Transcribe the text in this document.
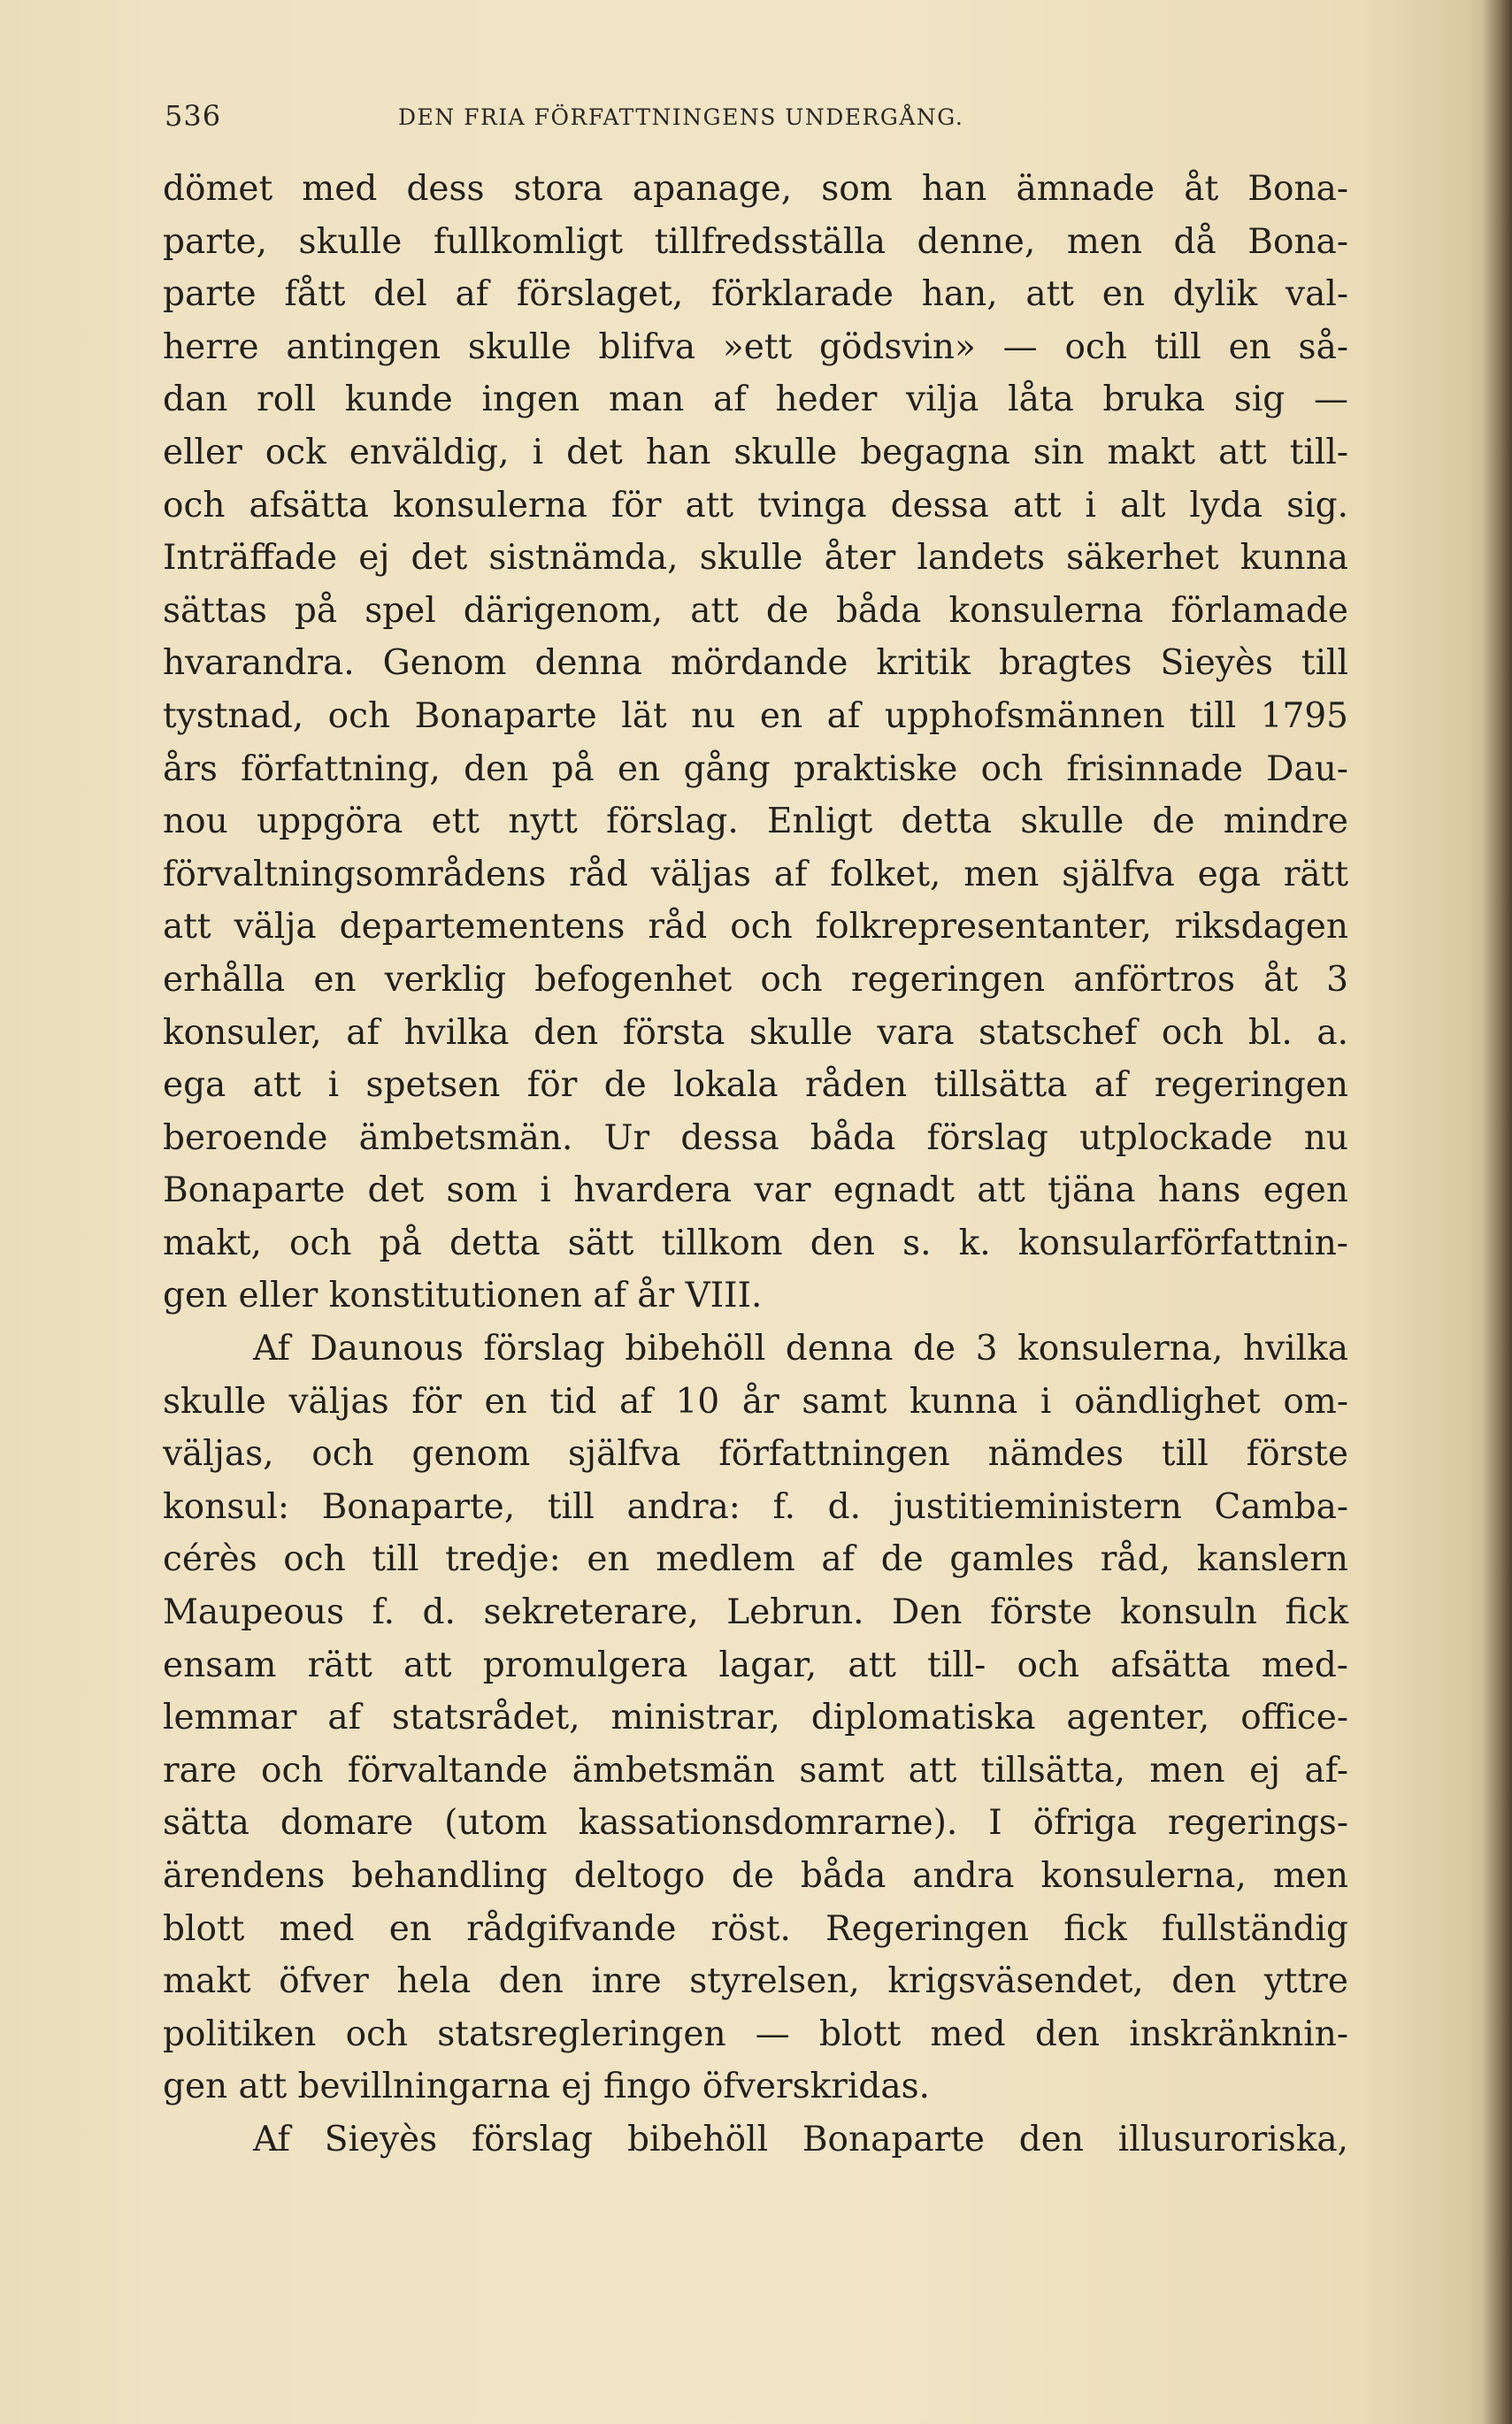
536	DEN FRIA FÖRFATTNINGENS UNDERGÅNG.
dömet med dess stora apanage, som han ämnade åt Bona-
parte, skulle fullkomligt tillfredsställa denne, men då Bona-
parte fått del af förslaget, förklarade han, att en dylik val-
herre antingen skulle blifva »ett gödsvin» — och till en så-
dan roll kunde ingen man af heder vilja låta bruka sig —
eller ock enväldig, i det han skulle begagna sin makt att till-
och afsätta konsulerna för att tvinga dessa att i alt lyda sig.
Inträffade ej det sistnämda, skulle åter landets säkerhet kunna
sättas på spel därigenom, att de båda konsulerna förlamade
hvarandra. Genom denna mördande kritik bragtes Sieyès till
tystnad, och Bonaparte lät nu en af upphofsmännen till 1795
års författning, den på en gång praktiske och frisinnade Dau-
nou uppgöra ett nytt förslag. Enligt detta skulle de mindre
förvaltningsområdens råd väljas af folket, men själfva ega rätt
att välja departementens råd och folkrepresentanter, riksdagen
erhålla en verklig befogenhet och regeringen anförtros åt 3
konsuler, af hvilka den första skulle vara statschef och bl. a.
ega att i spetsen för de lokala råden tillsätta af regeringen
beroende ämbetsmän. Ur dessa båda förslag utplockade nu
Bonaparte det som i hvardera var egnadt att tjäna hans egen
makt, och på detta sätt tillkom den s. k. konsularförfattnin-
gen eller konstitutionen af år VIII.
Af Daunous förslag bibehöll denna de 3 konsulerna, hvilka
skulle väljas för en tid af 10 år samt kunna i oändlighet om-
väljas, och genom själfva författningen nämdes till förste
konsul: Bonaparte, till andra: f. d. justitieministern Camba-
cérès och till tredje: en medlem af de gamles råd, kanslern
Maupeous f. d. sekreterare, Lebrun. Den förste konsuln fick
ensam rätt att promulgera lagar, att till- och afsätta med-
lemmar af statsrådet, ministrar, diplomatiska agenter, office-
rare och förvaltande ämbetsmän samt att tillsätta, men ej af-
sätta domare (utom kassationsdomrarne). I öfriga regerings-
ärendens behandling deltogo de båda andra konsulerna, men
blott med en rådgifvande röst. Regeringen fick fullständig
makt öfver hela den inre styrelsen, krigsväsendet, den yttre
politiken och statsregleringen — blott med den inskränknin-
gen att bevillningarna ej fingo öfverskridas.
Af Sieyès förslag bibehöll Bonaparte den illusuroriska,
